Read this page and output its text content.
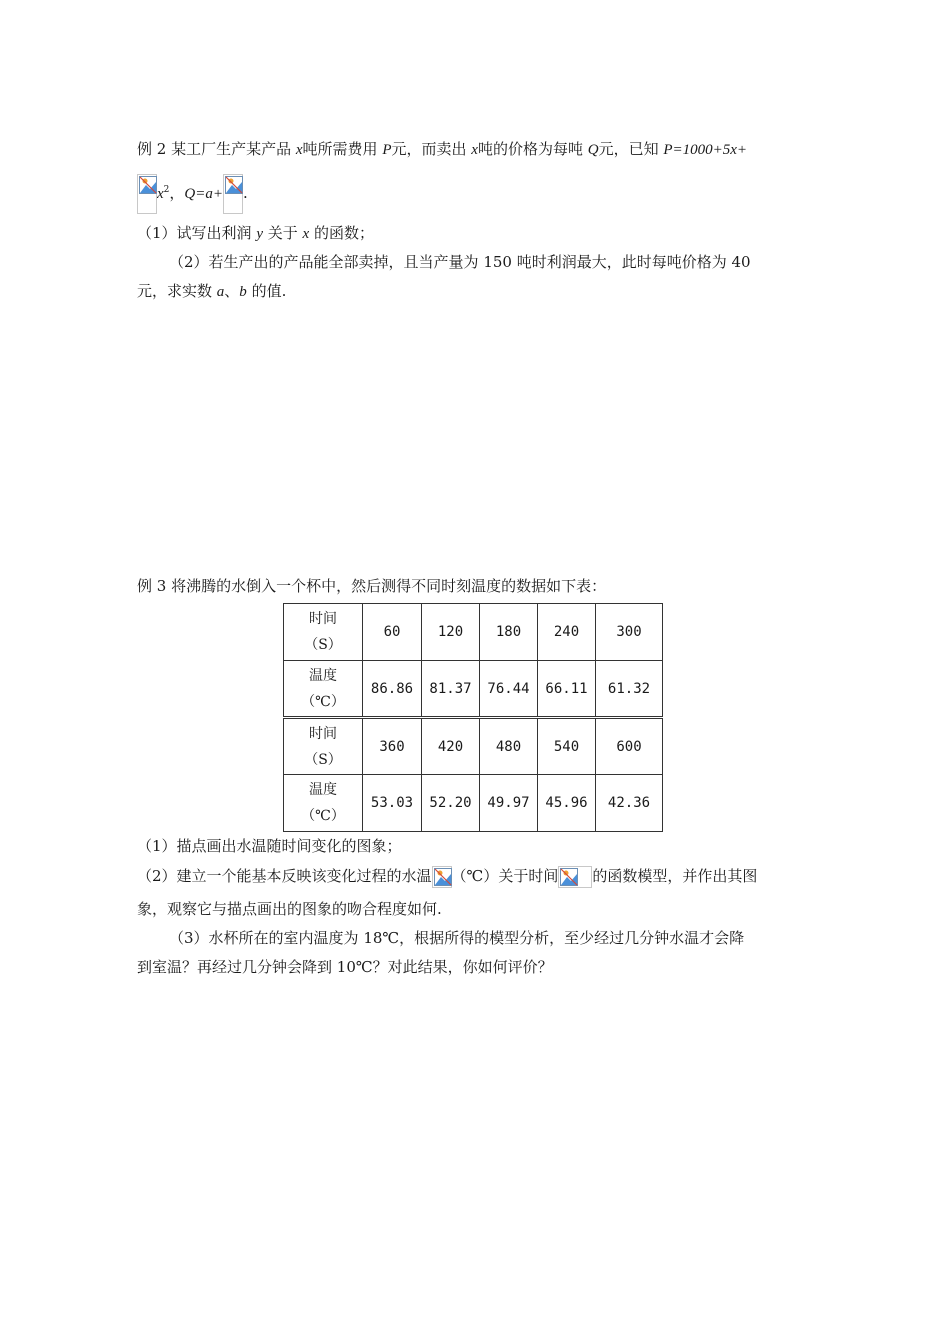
例 2 某工厂生产某产品 x吨所需费用 P元，而卖出 x吨的价格为每吨 Q元，已知 P=1000+5x+
$x^2$，Q=a+ .
（1）试写出利润 y 关于 x 的函数；
（2）若生产出的产品能全部卖掉，且当产量为 150 吨时利润最大，此时每吨价格为 40
元，求实数 a、b 的值.
例 3 将沸腾的水倒入一个杯中，然后测得不同时刻温度的数据如下表：
时间
（S）	60	120	180	240	300
温度
（℃）	86.86	81.37	76.44	66.11	61.32
时间
（S）	360	420	480	540	600
温度
（℃）	53.03	52.20	49.97	45.96	42.36
（1）描点画出水温随时间变化的图象；
（2）建立一个能基本反映该变化过程的水温 （℃）关于时间 的函数模型，并作出其图
象，观察它与描点画出的图象的吻合程度如何.
（3）水杯所在的室内温度为 18℃，根据所得的模型分析，至少经过几分钟水温才会降
到室温？再经过几分钟会降到 10℃？对此结果，你如何评价？
